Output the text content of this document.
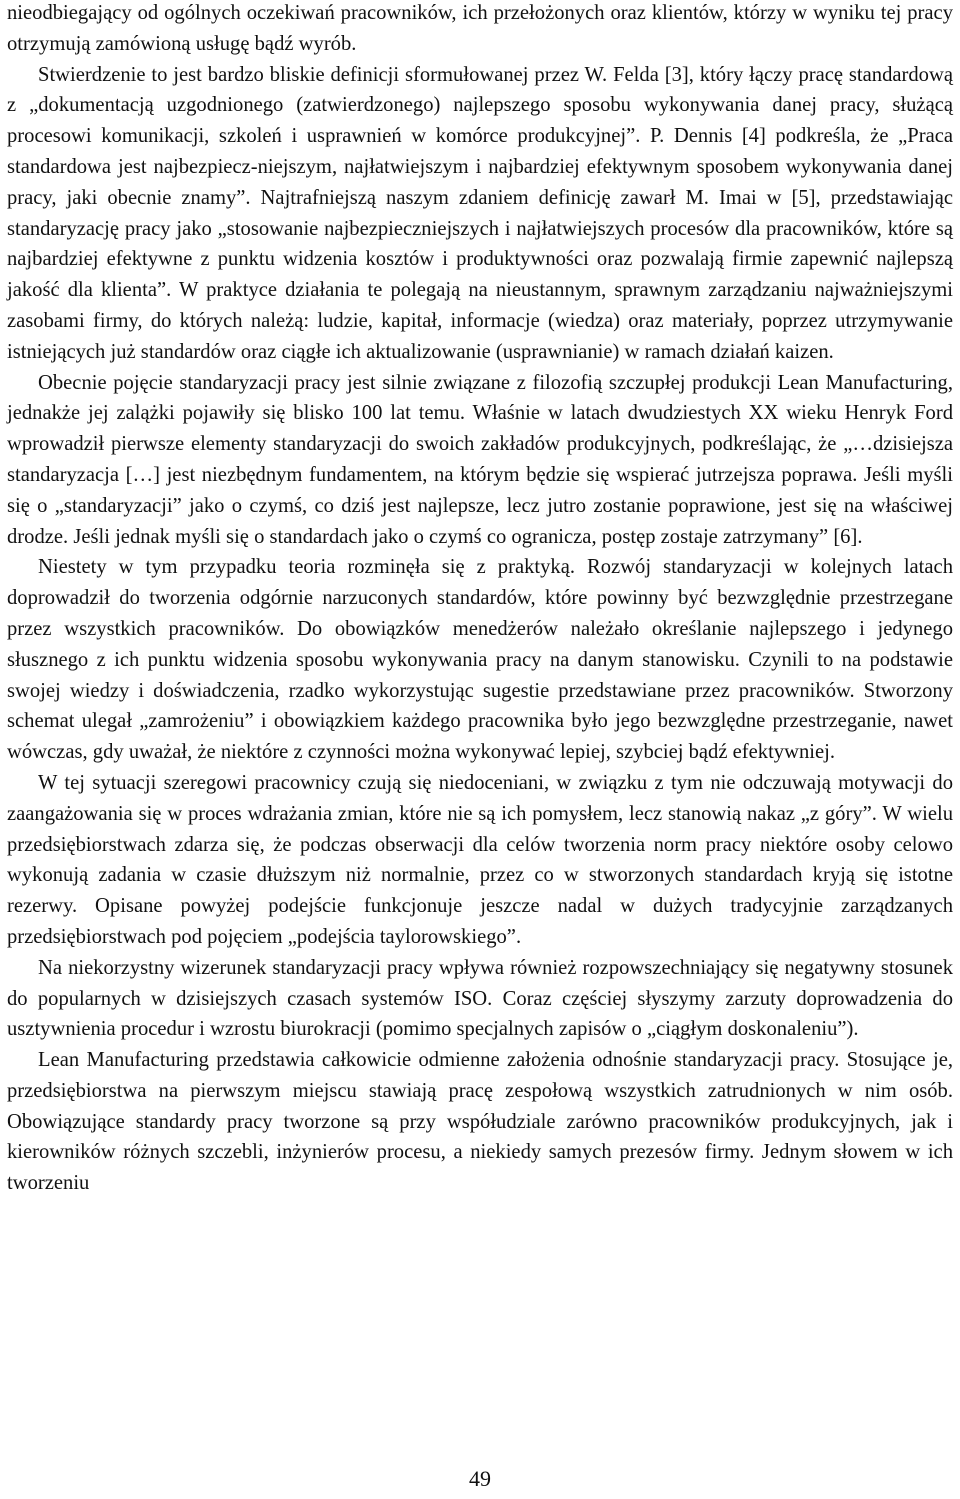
nieodbiegający od ogólnych oczekiwań pracowników, ich przełożonych oraz klientów, którzy w wyniku tej pracy otrzymują zamówioną usługę bądź wyrób.

Stwierdzenie to jest bardzo bliskie definicji sformułowanej przez W. Felda [3], który łączy pracę standardową z „dokumentacją uzgodnionego (zatwierdzonego) najlepszego sposobu wykonywania danej pracy, służącą procesowi komunikacji, szkoleń i usprawnień w komórce produkcyjnej”. P. Dennis [4] podkreśla, że „Praca standardowa jest najbezpiecz-niejszym, najłatwiejszym i najbardziej efektywnym sposobem wykonywania danej pracy, jaki obecnie znamy”. Najtrafniejszą naszym zdaniem definicję zawarł M. Imai w [5], przedstawiając standaryzację pracy jako „stosowanie najbezpieczniejszych i najłatwiejszych procesów dla pracowników, które są najbardziej efektywne z punktu widzenia kosztów i produktywności oraz pozwalają firmie zapewnić najlepszą jakość dla klienta”. W praktyce działania te polegają na nieustannym, sprawnym zarządzaniu najważniejszymi zasobami firmy, do których należą: ludzie, kapitał, informacje (wiedza) oraz materiały, poprzez utrzymywanie istniejących już standardów oraz ciągłe ich aktualizowanie (usprawnianie) w ramach działań kaizen.

Obecnie pojęcie standaryzacji pracy jest silnie związane z filozofią szczupłej produkcji Lean Manufacturing, jednakże jej zalążki pojawiły się blisko 100 lat temu. Właśnie w latach dwudziestych XX wieku Henryk Ford wprowadził pierwsze elementy standaryzacji do swoich zakładów produkcyjnych, podkreślając, że „…dzisiejsza standaryzacja […] jest niezbędnym fundamentem, na którym będzie się wspierać jutrzejsza poprawa. Jeśli myśli się o „standaryzacji” jako o czymś, co dziś jest najlepsze, lecz jutro zostanie poprawione, jest się na właściwej drodze. Jeśli jednak myśli się o standardach jako o czymś co ogranicza, postęp zostaje zatrzymany” [6].

Niestety w tym przypadku teoria rozminęła się z praktyką. Rozwój standaryzacji w kolejnych latach doprowadził do tworzenia odgórnie narzuconych standardów, które powinny być bezwzględnie przestrzegane przez wszystkich pracowników. Do obowiązków menedżerów należało określanie najlepszego i jedynego słusznego z ich punktu widzenia sposobu wykonywania pracy na danym stanowisku. Czynili to na podstawie swojej wiedzy i doświadczenia, rzadko wykorzystując sugestie przedstawiane przez pracowników. Stworzony schemat ulegał „zamrożeniu” i obowiązkiem każdego pracownika było jego bezwzględne przestrzeganie, nawet wówczas, gdy uważał, że niektóre z czynności można wykonywać lepiej, szybciej bądź efektywniej.

W tej sytuacji szeregowi pracownicy czują się niedoceniani, w związku z tym nie odczuwają motywacji do zaangażowania się w proces wdrażania zmian, które nie są ich pomysłem, lecz stanowią nakaz „z góry”. W wielu przedsiębiorstwach zdarza się, że podczas obserwacji dla celów tworzenia norm pracy niektóre osoby celowo wykonują zadania w czasie dłuższym niż normalnie, przez co w stworzonych standardach kryją się istotne rezerwy. Opisane powyżej podejście funkcjonuje jeszcze nadal w dużych tradycyjnie zarządzanych przedsiębiorstwach pod pojęciem „podejścia taylorowskiego”.

Na niekorzystny wizerunek standaryzacji pracy wpływa również rozpowszechniający się negatywny stosunek do popularnych w dzisiejszych czasach systemów ISO. Coraz częściej słyszymy zarzuty doprowadzenia do usztywnienia procedur i wzrostu biurokracji (pomimo specjalnych zapisów o „ciągłym doskonaleniu”).

Lean Manufacturing przedstawia całkowicie odmienne założenia odnośnie standaryzacji pracy. Stosujące je, przedsiębiorstwa na pierwszym miejscu stawiają pracę zespołową wszystkich zatrudnionych w nim osób. Obowiązujące standardy pracy tworzone są przy współudziale zarówno pracowników produkcyjnych, jak i kierowników różnych szczebli, inżynierów procesu, a niekiedy samych prezesów firmy. Jednym słowem w ich tworzeniu

49
